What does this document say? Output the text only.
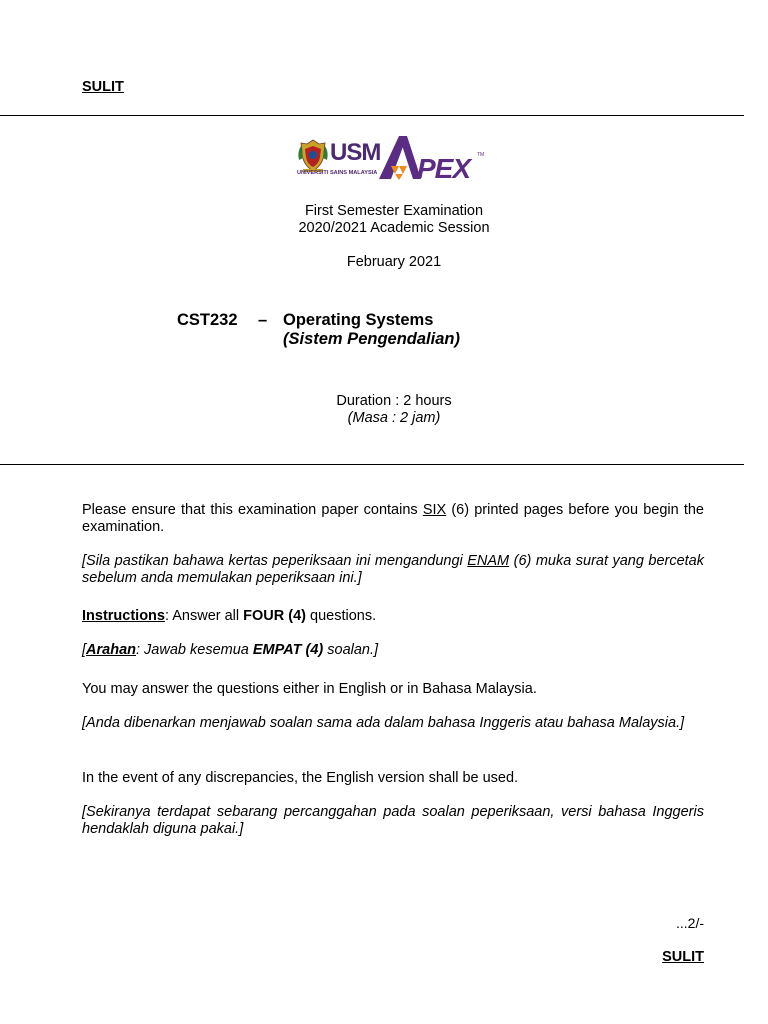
SULIT
USM
UNIVERSITI SAINS MALAYSIA PEX	TM
First Semester Examination
2020/2021 Academic Session
February 2021
CST232 – Operating Systems
(Sistem Pengendalian)
Duration : 2 hours
(Masa : 2 jam)
Please ensure that this examination paper contains SIX (6) printed pages before you begin the examination.
[Sila pastikan bahawa kertas peperiksaan ini mengandungi ENAM (6) muka surat yang bercetak sebelum anda memulakan peperiksaan ini.]
Instructions: Answer all FOUR (4) questions.
[Arahan: Jawab kesemua EMPAT (4) soalan.]
You may answer the questions either in English or in Bahasa Malaysia.
[Anda dibenarkan menjawab soalan sama ada dalam bahasa Inggeris atau bahasa Malaysia.]
In the event of any discrepancies, the English version shall be used.
[Sekiranya terdapat sebarang percanggahan pada soalan peperiksaan, versi bahasa Inggeris hendaklah diguna pakai.]
...2/-
SULIT
